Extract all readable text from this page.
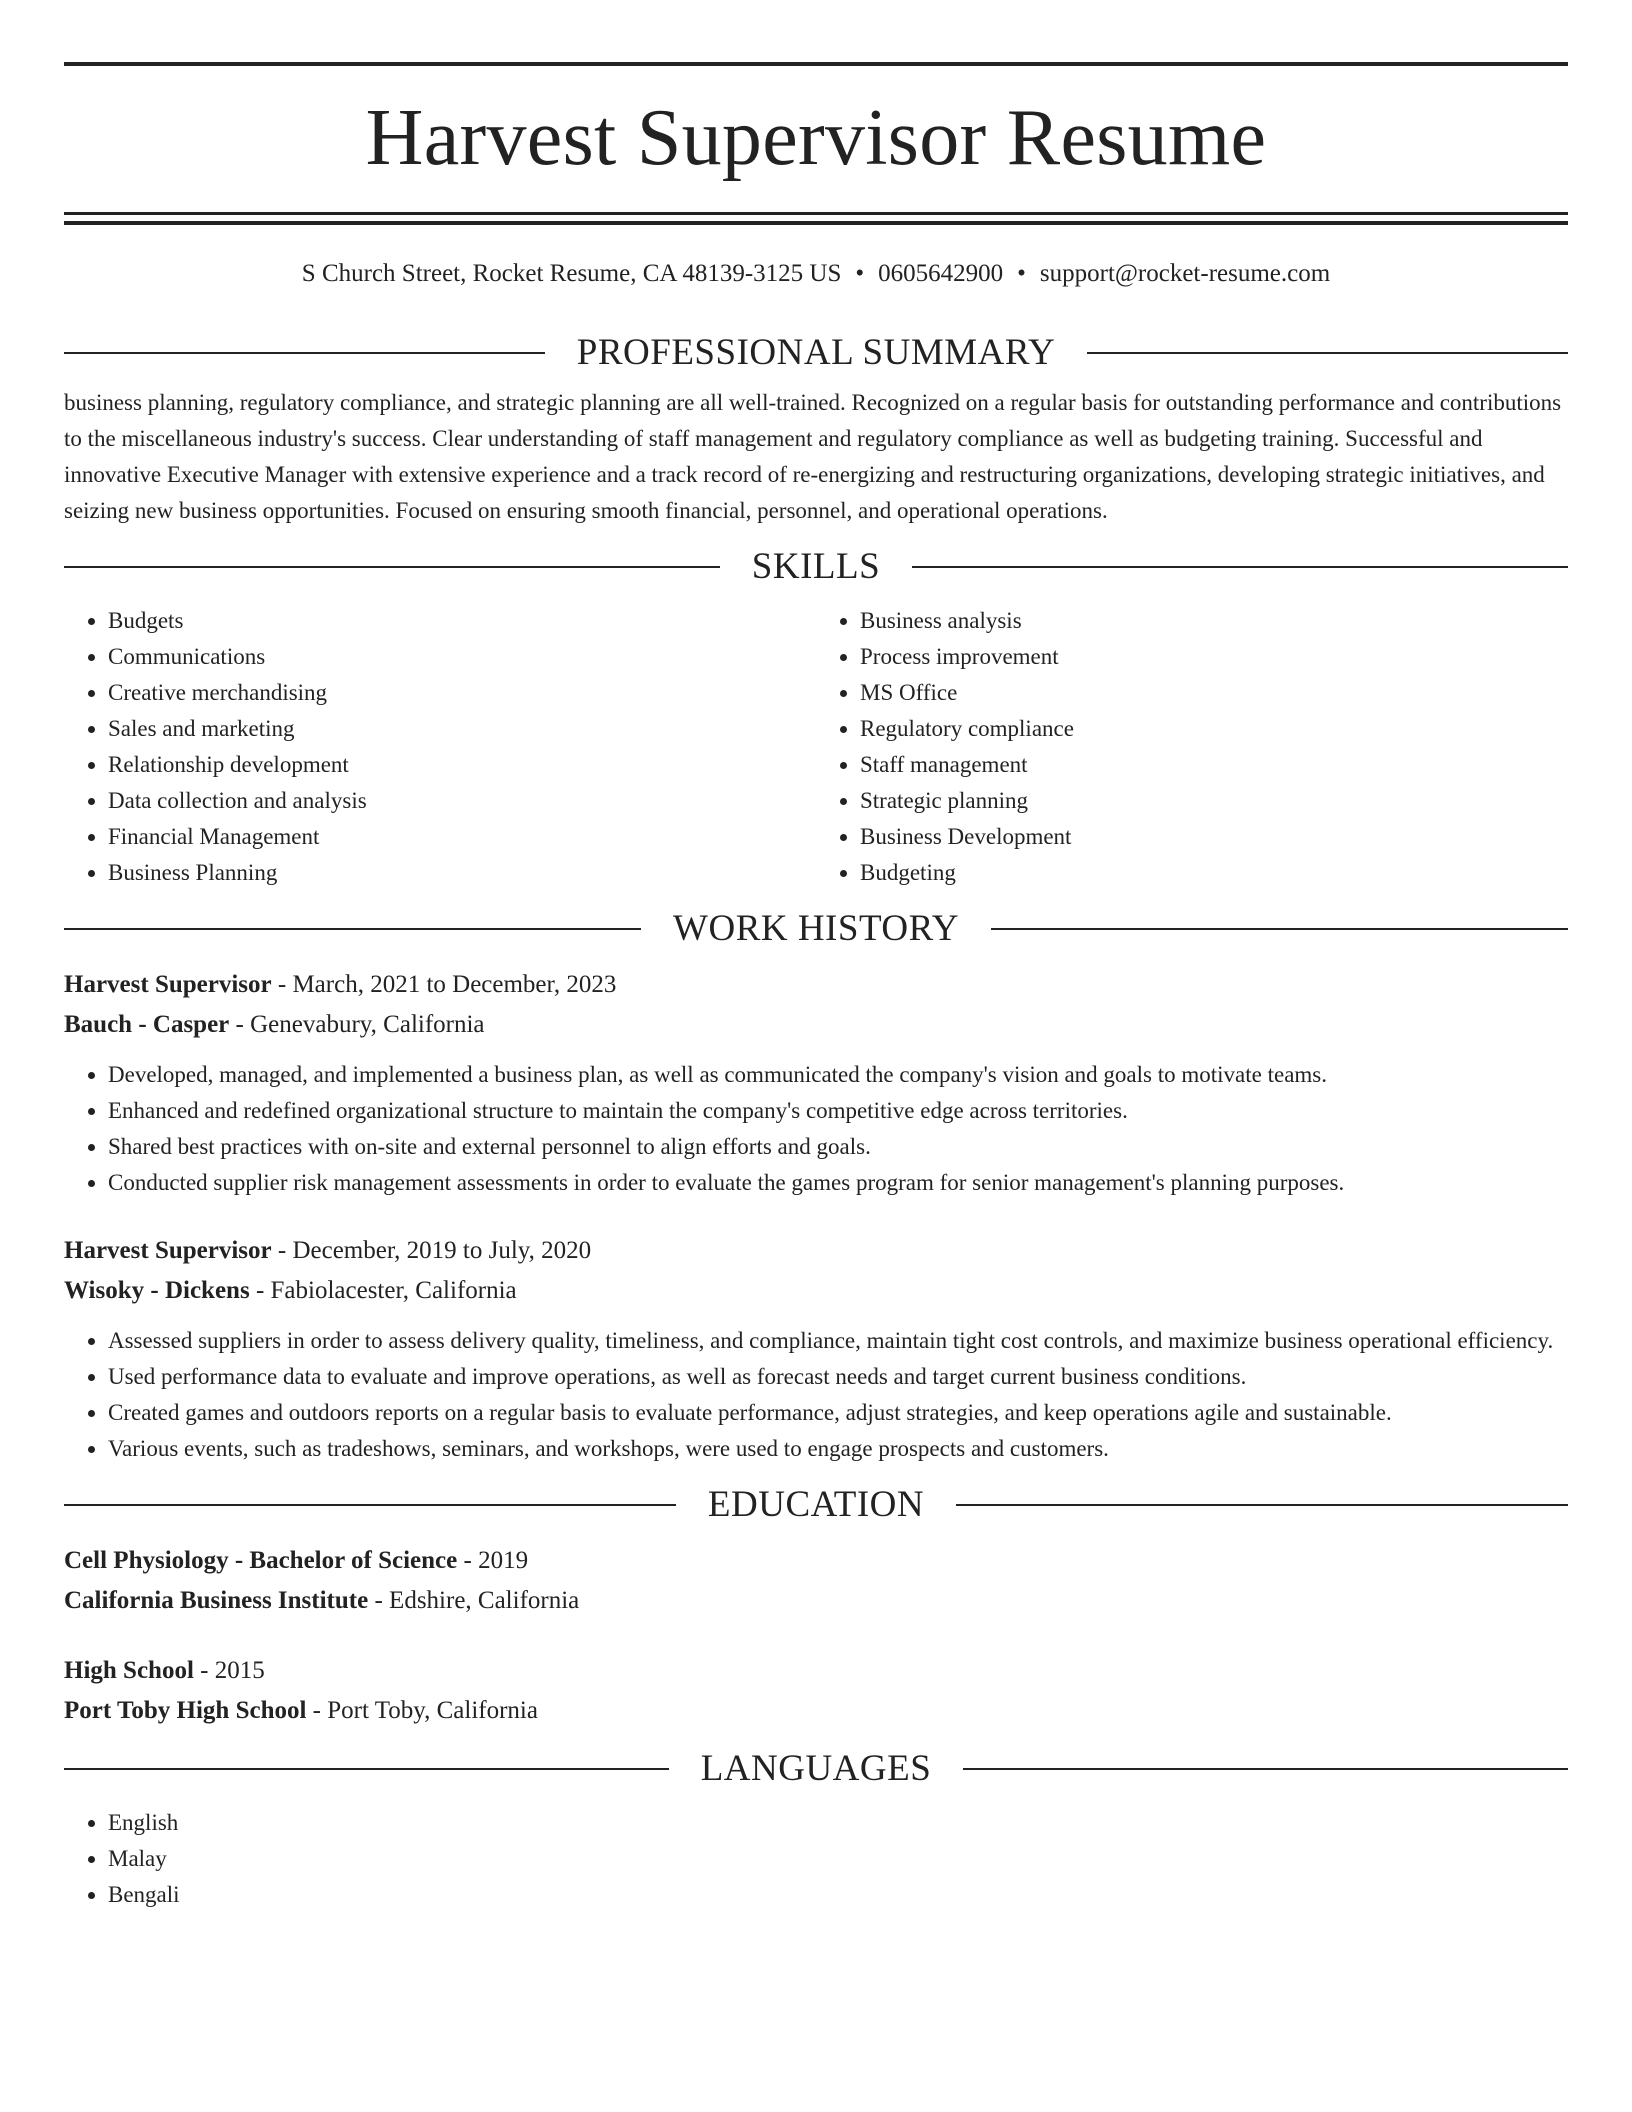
Harvest Supervisor Resume
S Church Street, Rocket Resume, CA 48139-3125 US • 0605642900 • support@rocket-resume.com
PROFESSIONAL SUMMARY

business planning, regulatory compliance, and strategic planning are all well-trained. Recognized on a regular basis for outstanding performance and contributions to the miscellaneous industry's success. Clear understanding of staff management and regulatory compliance as well as budgeting training. Successful and innovative Executive Manager with extensive experience and a track record of re-energizing and restructuring organizations, developing strategic initiatives, and seizing new business opportunities. Focused on ensuring smooth financial, personnel, and operational operations.

SKILLS
• Budgets
• Communications
• Creative merchandising
• Sales and marketing
• Relationship development
• Data collection and analysis
• Financial Management
• Business Planning
• Business analysis
• Process improvement
• MS Office
• Regulatory compliance
• Staff management
• Strategic planning
• Business Development
• Budgeting
WORK HISTORY
Harvest Supervisor - March, 2021 to December, 2023
Bauch - Casper - Genevabury, California
• Developed, managed, and implemented a business plan, as well as communicated the company's vision and goals to motivate teams.
• Enhanced and redefined organizational structure to maintain the company's competitive edge across territories.
• Shared best practices with on-site and external personnel to align efforts and goals.
• Conducted supplier risk management assessments in order to evaluate the games program for senior management's planning purposes.
Harvest Supervisor - December, 2019 to July, 2020
Wisoky - Dickens - Fabiolacester, California
• Assessed suppliers in order to assess delivery quality, timeliness, and compliance, maintain tight cost controls, and maximize business operational efficiency.
• Used performance data to evaluate and improve operations, as well as forecast needs and target current business conditions.
• Created games and outdoors reports on a regular basis to evaluate performance, adjust strategies, and keep operations agile and sustainable.
• Various events, such as tradeshows, seminars, and workshops, were used to engage prospects and customers.
EDUCATION
Cell Physiology - Bachelor of Science - 2019
California Business Institute - Edshire, California
High School - 2015
Port Toby High School - Port Toby, California
LANGUAGES
• English
• Malay
• Bengali
